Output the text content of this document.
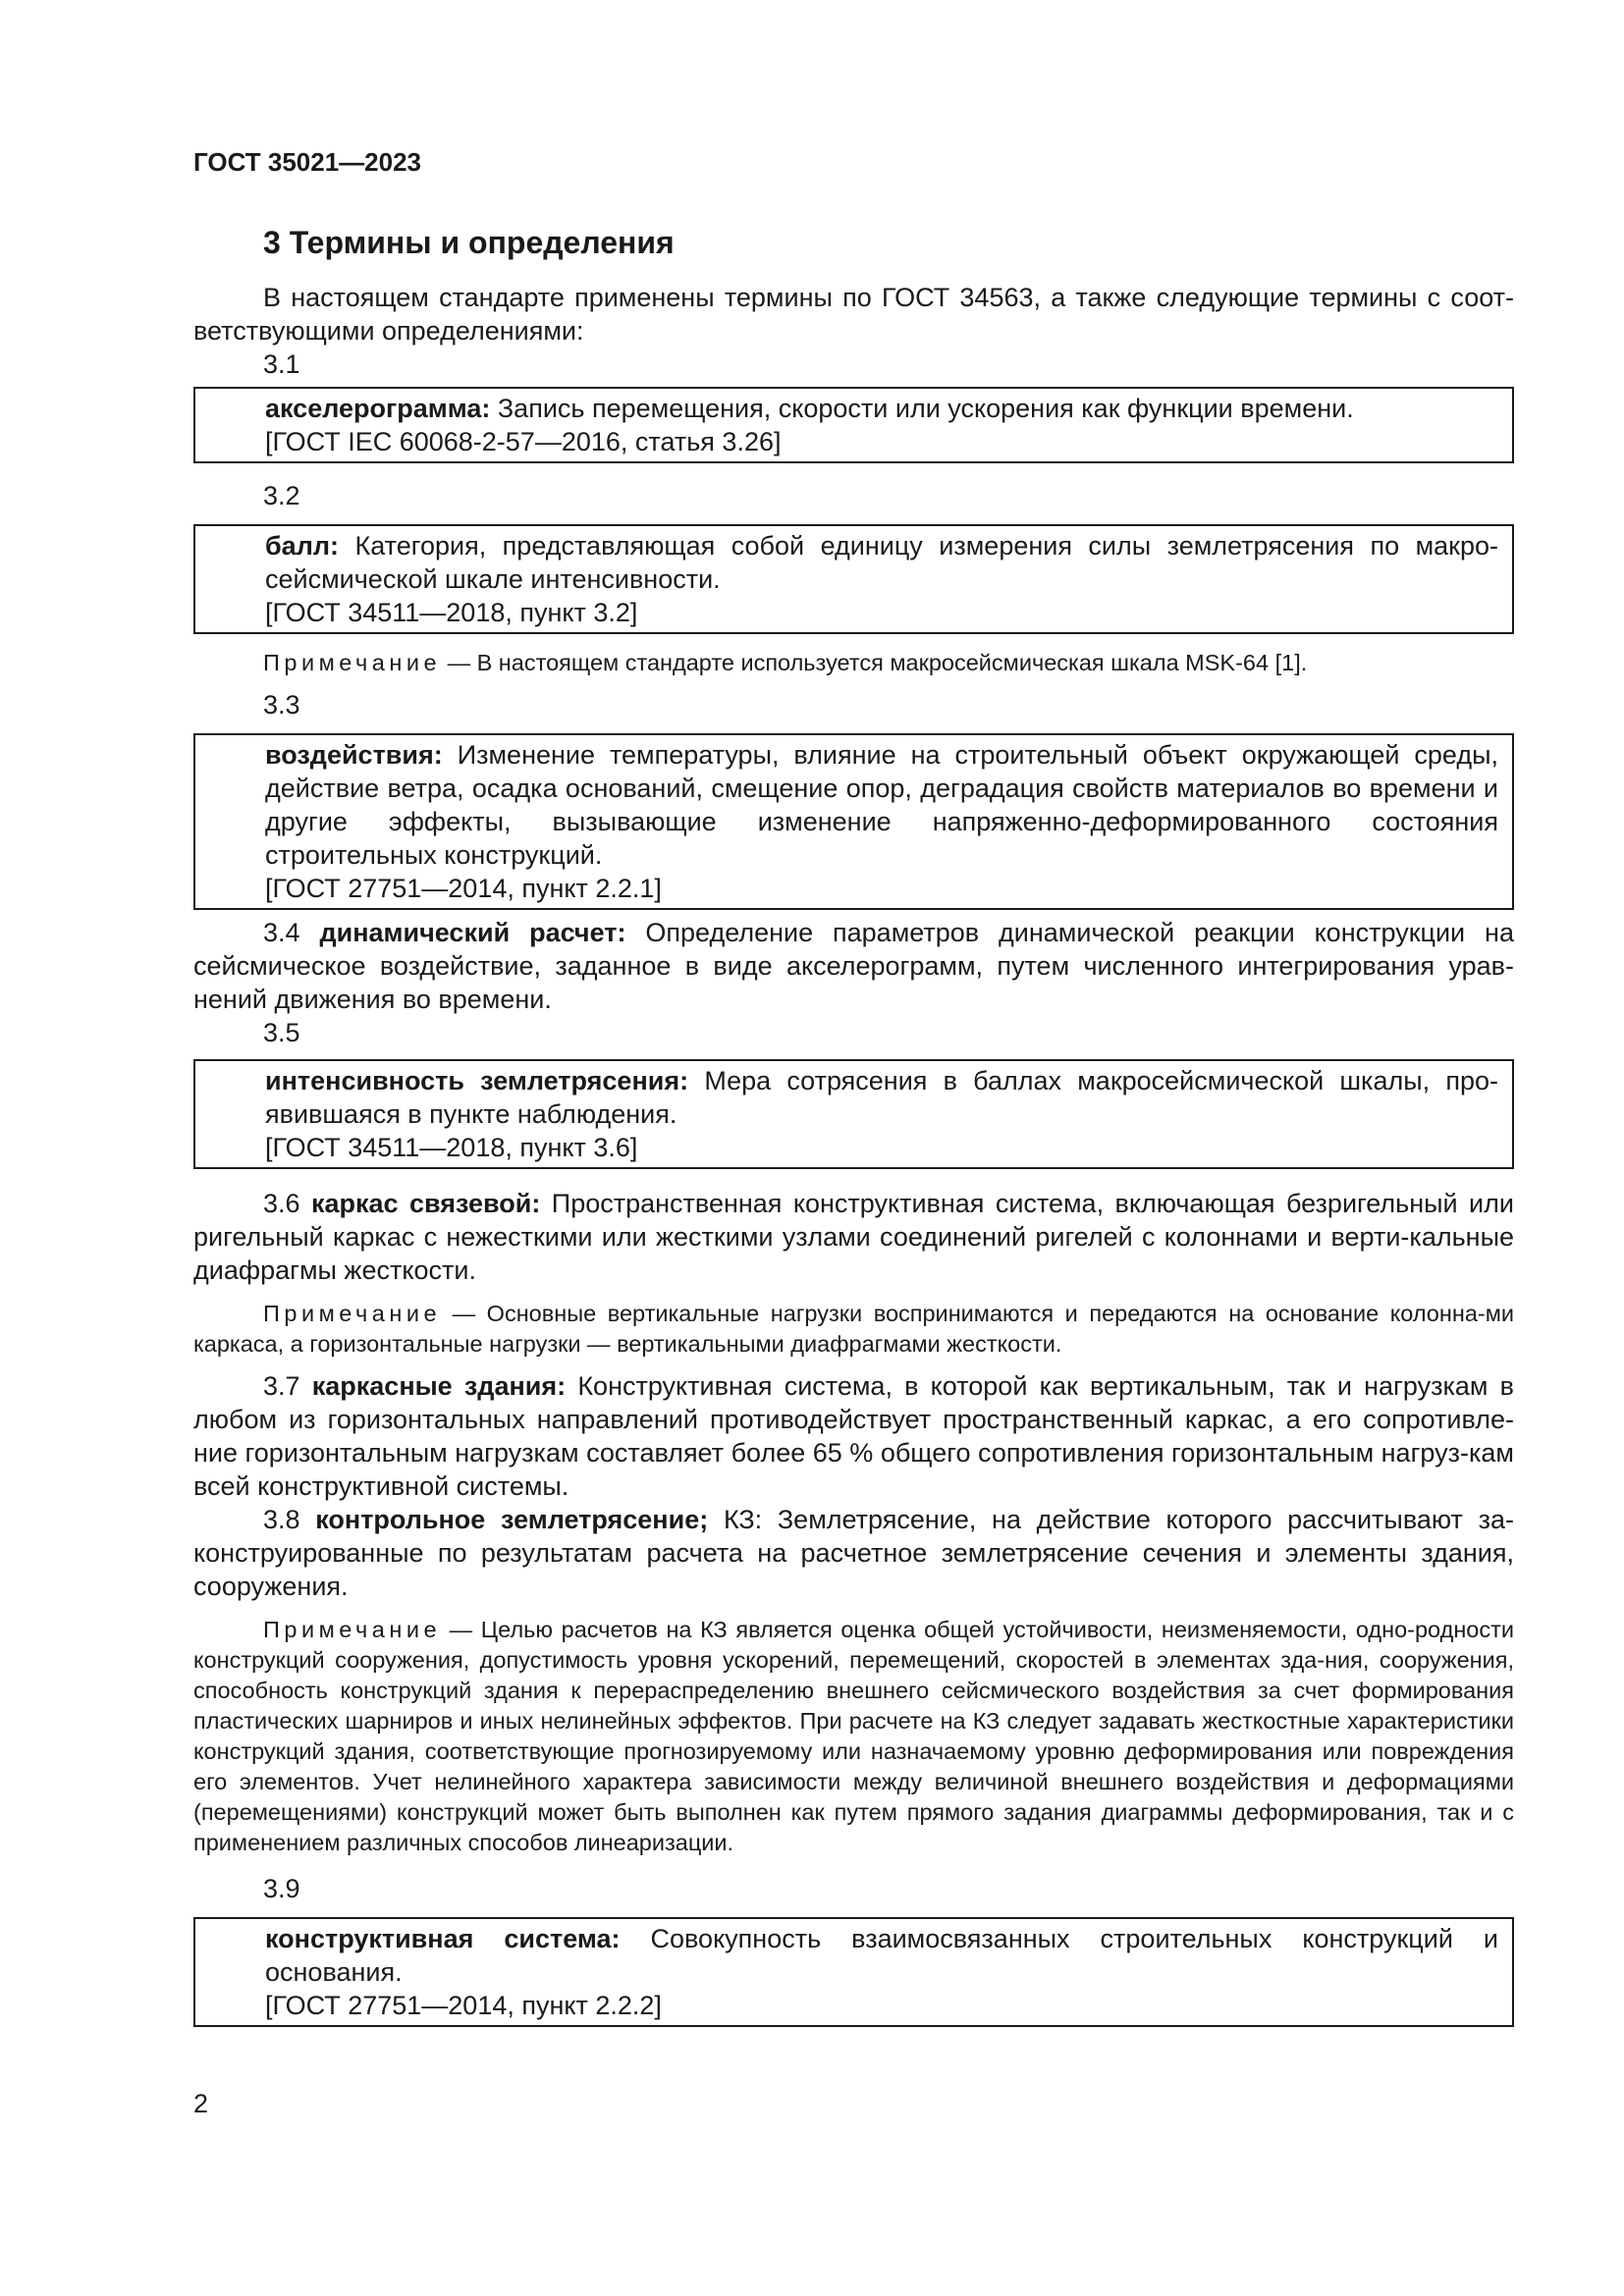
ГОСТ 35021—2023

3 Термины и определения

В настоящем стандарте применены термины по ГОСТ 34563, а также следующие термины с соот-ветствующими определениями:

3.1

акселерограмма: Запись перемещения, скорости или ускорения как функции времени.

[ГОСТ IEC 60068-2-57—2016, статья 3.26]

3.2

балл: Категория, представляющая собой единицу измерения силы землетрясения по макро-сейсмической шкале интенсивности.

[ГОСТ 34511—2018, пункт 3.2]

Примечание — В настоящем стандарте используется макросейсмическая шкала MSK-64 [1].

3.3

воздействия: Изменение температуры, влияние на строительный объект окружающей среды, действие ветра, осадка оснований, смещение опор, деградация свойств материалов во времени и другие эффекты, вызывающие изменение напряженно-деформированного состояния строительных конструкций.

[ГОСТ 27751—2014, пункт 2.2.1]

3.4 динамический расчет: Определение параметров динамической реакции конструкции на сейсмическое воздействие, заданное в виде акселерограмм, путем численного интегрирования урав-нений движения во времени.

3.5

интенсивность землетрясения: Мера сотрясения в баллах макросейсмической шкалы, про-явившаяся в пункте наблюдения.

[ГОСТ 34511—2018, пункт 3.6]

3.6 каркас связевой: Пространственная конструктивная система, включающая безригельный или ригельный каркас с нежесткими или жесткими узлами соединений ригелей с колоннами и верти-кальные диафрагмы жесткости.

Примечание — Основные вертикальные нагрузки воспринимаются и передаются на основание колонна-ми каркаса, а горизонтальные нагрузки — вертикальными диафрагмами жесткости.

3.7 каркасные здания: Конструктивная система, в которой как вертикальным, так и нагрузкам в любом из горизонтальных направлений противодействует пространственный каркас, а его сопротивле-ние горизонтальным нагрузкам составляет более 65 % общего сопротивления горизонтальным нагруз-кам всей конструктивной системы.

3.8 контрольное землетрясение; КЗ: Землетрясение, на действие которого рассчитывают за-конструированные по результатам расчета на расчетное землетрясение сечения и элементы здания, сооружения.

Примечание — Целью расчетов на КЗ является оценка общей устойчивости, неизменяемости, одно-родности конструкций сооружения, допустимость уровня ускорений, перемещений, скоростей в элементах зда-ния, сооружения, способность конструкций здания к перераспределению внешнего сейсмического воздействия за счет формирования пластических шарниров и иных нелинейных эффектов. При расчете на КЗ следует задавать жесткостные характеристики конструкций здания, соответствующие прогнозируемому или назначаемому уровню деформирования или повреждения его элементов. Учет нелинейного характера зависимости между величиной внешнего воздействия и деформациями (перемещениями) конструкций может быть выполнен как путем прямого задания диаграммы деформирования, так и с применением различных способов линеаризации.

3.9

конструктивная система: Совокупность взаимосвязанных строительных конструкций и основания.

[ГОСТ 27751—2014, пункт 2.2.2]

2
